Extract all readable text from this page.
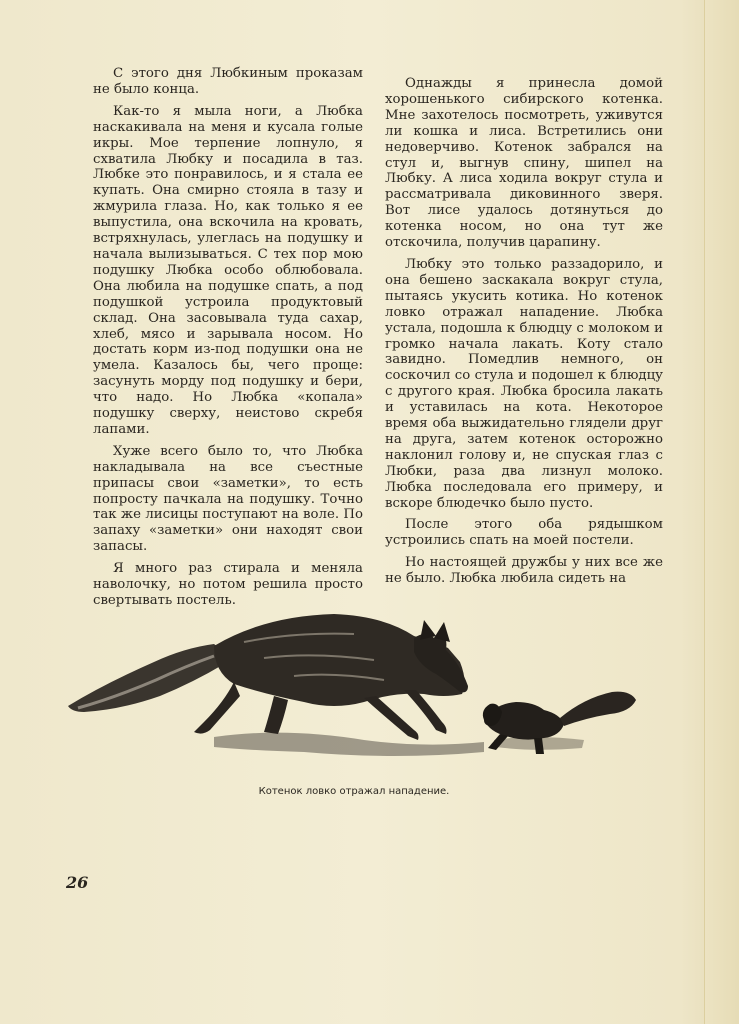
С этого дня Любкиным проказам не было конца.

Как-то я мыла ноги, а Любка наскакивала на меня и кусала голые икры. Мое терпение лопнуло, я схватила Любку и посадила в таз. Любке это понравилось, и я стала ее купать. Она смирно стояла в тазу и жмурила глаза. Но, как только я ее выпустила, она вскочила на кровать, встряхнулась, улеглась на подушку и начала вылизываться. С тех пор мою подушку Любка особо облюбовала. Она любила на подушке спать, а под подушкой устроила продуктовый склад. Она засовывала туда сахар, хлеб, мясо и зарывала носом. Но достать корм из-под подушки она не умела. Казалось бы, чего проще: засунуть морду под подушку и бери, что надо. Но Любка «копала» подушку сверху, неистово скребя лапами.

Хуже всего было то, что Любка накладывала на все съестные припасы свои «заметки», то есть попросту пачкала на подушку. Точно так же лисицы поступают на воле. По запаху «заметки» они находят свои запасы.

Я много раз стирала и меняла наволочку, но потом решила просто свертывать постель.

Однажды я принесла домой хорошенького сибирского котенка. Мне захотелось посмотреть, уживутся ли кошка и лиса. Встретились они недоверчиво. Котенок забрался на стул и, выгнув спину, шипел на Любку. А лиса ходила вокруг стула и рассматривала диковинного зверя. Вот лисе удалось дотянуться до котенка носом, но она тут же отскочила, получив царапину.

Любку это только раззадорило, и она бешено заскакала вокруг стула, пытаясь укусить котика. Но котенок ловко отражал нападение. Любка устала, подошла к блюдцу с молоком и громко начала лакать. Коту стало завидно. Помедлив немного, он соскочил со стула и подошел к блюдцу с другого края. Любка бросила лакать и уставилась на кота. Некоторое время оба выжидательно глядели друг на друга, затем котенок осторожно наклонил голову и, не спуская глаз с Любки, раза два лизнул молоко. Любка последовала его примеру, и вскоре блюдечко было пусто.

После этого оба рядышком устроились спать на моей постели.

Но настоящей дружбы у них все же не было. Любка любила сидеть на

Котенок ловко отражал нападение.
26
